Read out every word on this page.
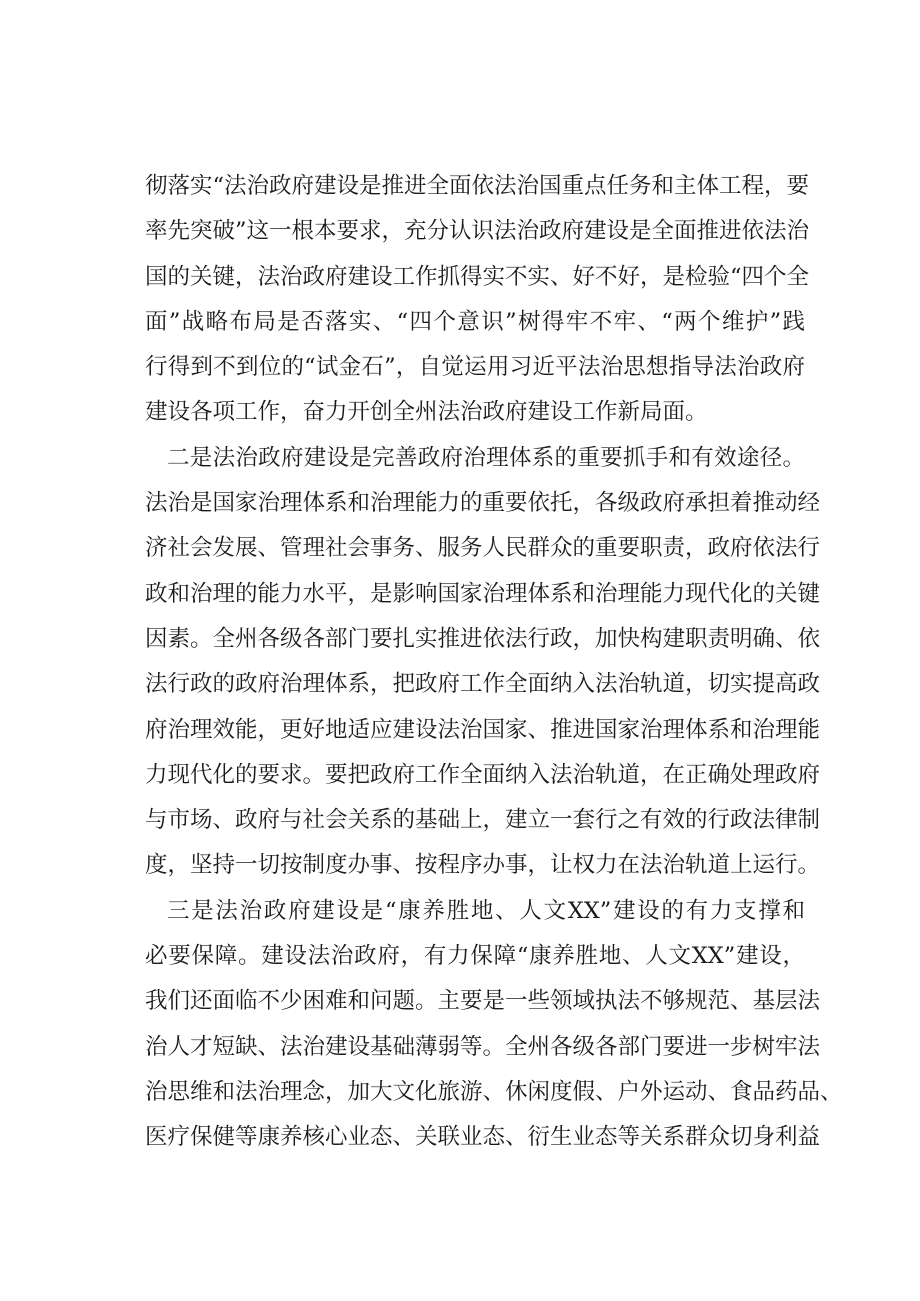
彻落实“法治政府建设是推进全面依法治国重点任务和主体工程，要
率先突破”这一根本要求，充分认识法治政府建设是全面推进依法治
国的关键，法治政府建设工作抓得实不实、好不好，是检验“四个全
面”战略布局是否落实、“四个意识”树得牢不牢、“两个维护”践
行得到不到位的“试金石”，自觉运用习近平法治思想指导法治政府
建设各项工作，奋力开创全州法治政府建设工作新局面。
二是法治政府建设是完善政府治理体系的重要抓手和有效途径。
法治是国家治理体系和治理能力的重要依托，各级政府承担着推动经
济社会发展、管理社会事务、服务人民群众的重要职责，政府依法行
政和治理的能力水平，是影响国家治理体系和治理能力现代化的关键
因素。全州各级各部门要扎实推进依法行政，加快构建职责明确、依
法行政的政府治理体系，把政府工作全面纳入法治轨道，切实提高政
府治理效能，更好地适应建设法治国家、推进国家治理体系和治理能
力现代化的要求。要把政府工作全面纳入法治轨道，在正确处理政府
与市场、政府与社会关系的基础上，建立一套行之有效的行政法律制
度，坚持一切按制度办事、按程序办事，让权力在法治轨道上运行。
三是法治政府建设是“康养胜地、人文XX”建设的有力支撑和
必要保障。建设法治政府，有力保障“康养胜地、人文XX”建设，
我们还面临不少困难和问题。主要是一些领域执法不够规范、基层法
治人才短缺、法治建设基础薄弱等。全州各级各部门要进一步树牢法
治思维和法治理念，加大文化旅游、休闲度假、户外运动、食品药品、
医疗保健等康养核心业态、关联业态、衍生业态等关系群众切身利益
